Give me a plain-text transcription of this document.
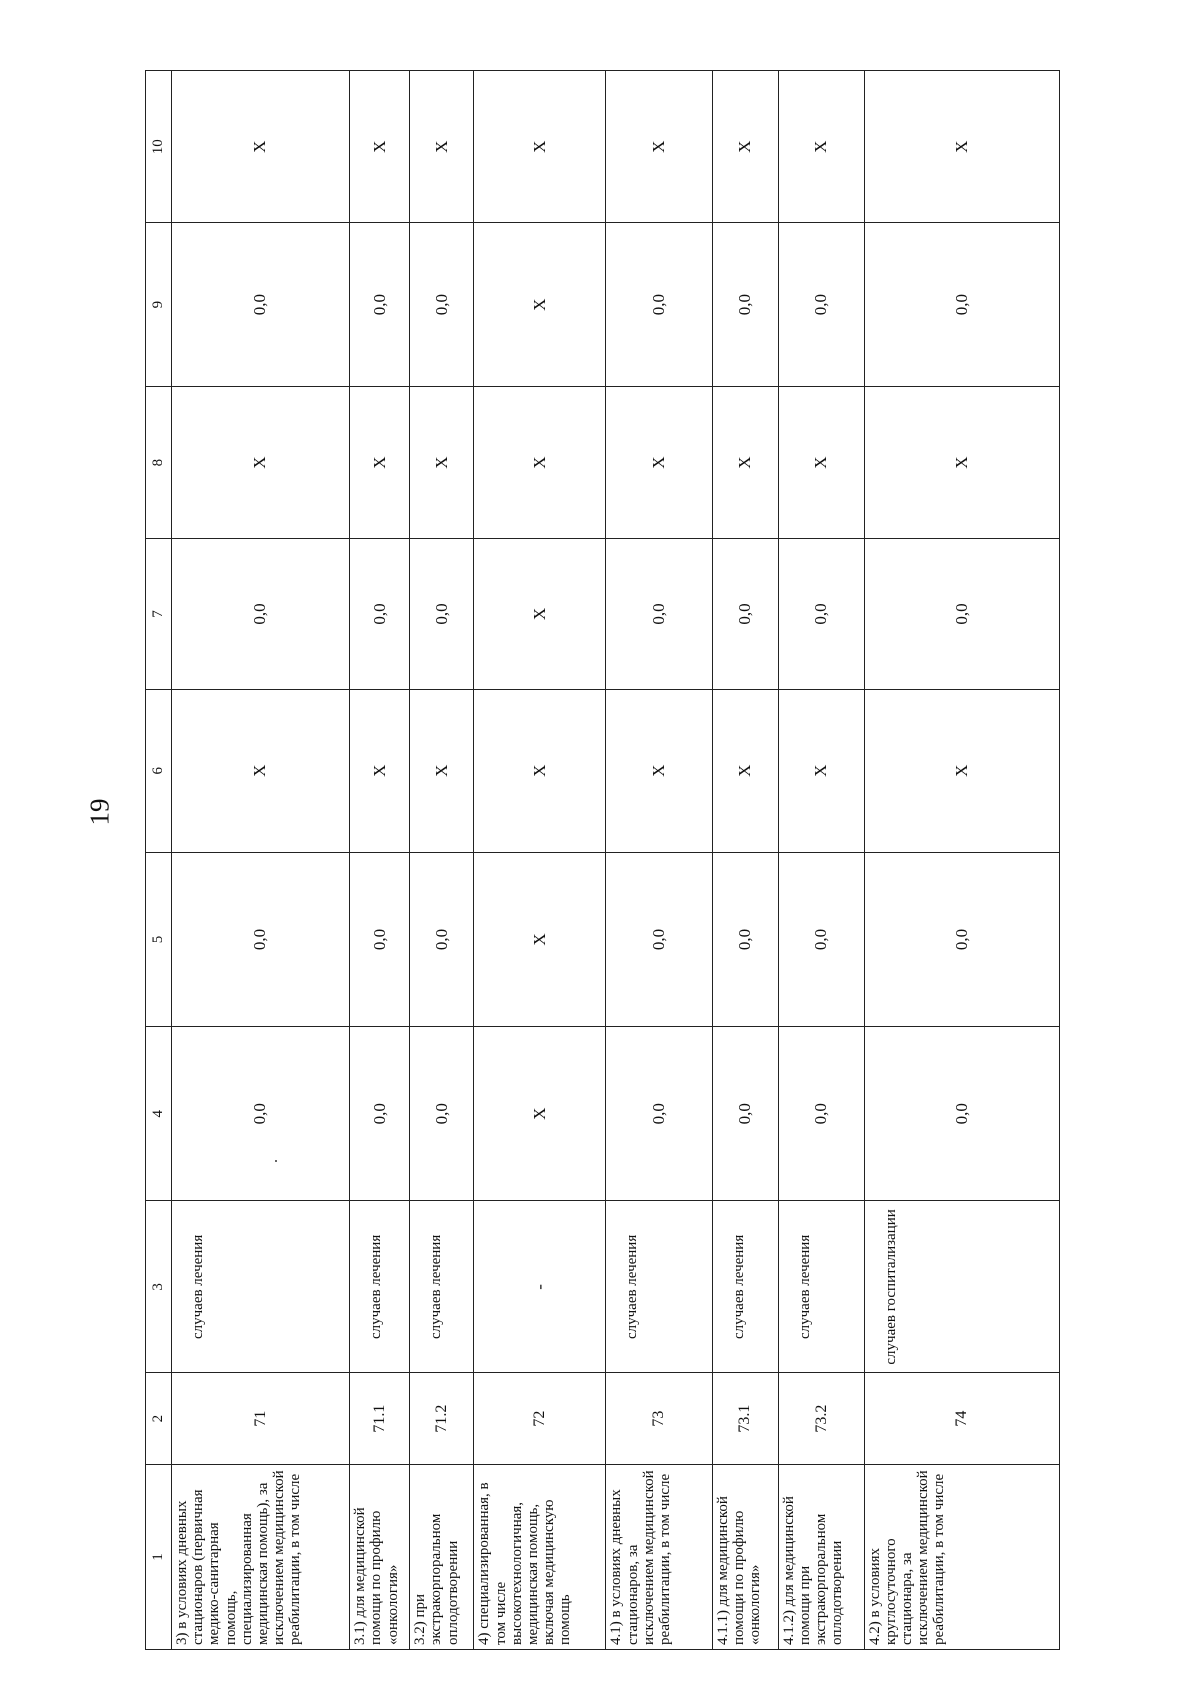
19
1	2	3	4	5	6	7	8	9	10
3) в условиях дневных стационаров (первичная медико-санитарная помощь, специализированная медицинская помощь), за исключением медицинской реабилитации, в том числе	71	случаев лечения	0,0	0,0	X	0,0	X	0,0	X
3.1) для медицинской помощи по профилю «онкология»	71.1	случаев лечения	0,0	0,0	X	0,0	X	0,0	X
3.2) при экстракорпоральном оплодотворении	71.2	случаев лечения	0,0	0,0	X	0,0	X	0,0	X
4) специализированная, в том числе высокотехнологичная, медицинская помощь, включая медицинскую помощь	72	-	X	X	X	X	X	X	X
4.1) в условиях дневных стационаров, за исключением медицинской реабилитации, в том числе	73	случаев лечения	0,0	0,0	X	0,0	X	0,0	X
4.1.1) для медицинской помощи по профилю «онкология»	73.1	случаев лечения	0,0	0,0	X	0,0	X	0,0	X
4.1.2) для медицинской помощи при экстракорпоральном оплодотворении	73.2	случаев лечения	0,0	0,0	X	0,0	X	0,0	X
4.2) в условиях круглосуточного стационара, за исключением медицинской реабилитации, в том числе	74	случаев госпитализации	0,0	0,0	X	0,0	X	0,0	X
